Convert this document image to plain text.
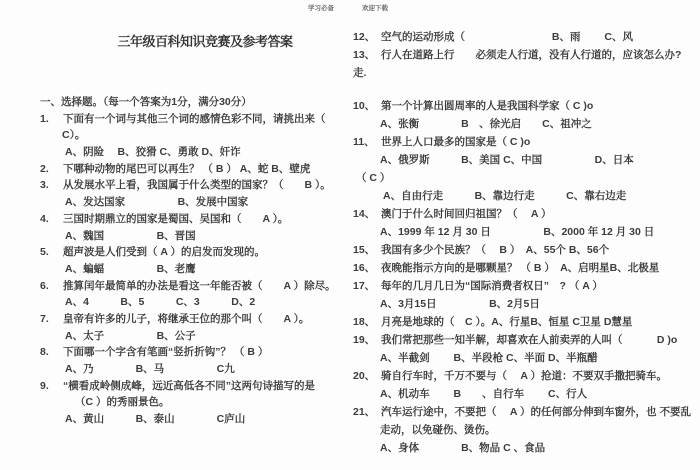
学习必备	欢迎下载
三年级百科知识竞赛及参考答案
一、选择题。（每一个答案为1分，满分30分）
1.	下面有一个词与其他三个词的感情色彩不同，请挑出来（
C）。
A、阴险　 B、狡猾 C、勇敢 D、奸诈
2.	下哪种动物的尾巴可以再生？ （ B ） A、蛇 B、壁虎
3.	从发展水平上看，我国属于什么类型的国家？（　　B ）。
A、发达国家　　　　　B、发展中国家
4.	三国时期鼎立的国家是蜀国、吴国和（　　A ）。
A、魏国　　　　　B、晋国
5.	超声波是人们受到（ A ）的启发而发现的。
A、蝙蝠　　　　　B、老鹰
6.	推算闰年最简单的办法是看这一年能否被（　　A ）除尽。
A、4　　　B、5　　　C、3　　　D、2
7.	皇帝有许多的儿子，将继承王位的那个叫（　　A ）。
A、太子　　　　　B、公子
8.	下面哪一个字含有笔画“竖折折钩”？ （ B ）
A、乃　　　　B、马　　　　　C九
9.	“横看成岭侧成峰，远近高低各不同”这两句诗描写的是
（C ）的秀丽景色。
A、黄山　　　B、泰山　　　　C庐山
12、 空气的运动形成（　　　　　　　　 B、雨　　 C、风
13、 行人在道路上行　　必须走人行道，没有人行道的，应该怎么办?
走.
10、 第一个计算出圆周率的人是我国科学家（ C )o
A、张衡　　　　B　、徐光启　　C、祖冲之
11、 世界上人口最多的国家是（ C )o
A、俄罗斯　　　B、美国 C、中国　　　　　D、日本
（ C ）
A、自由行走　　　B、靠边行走　　　C、靠右边走
14、 澳门于什么时间回归祖国？（　 A ）
A、1999 年 12 月 30 日　　　　　B、2000 年 12 月 30 日
15、 我国有多少个民族？（　 B ）　A、55个 B、56个
16、 夜晚能指示方向的是哪颗星？ （ B ）　A、启明星B、北极星
17、 每年的几月几日为“国际消费者权日”　? （ A ）
A、3月15日　　　　　B、2月5日
18、 月亮是地球的（　C ）。A、行星B、恒星 C卫星 D慧星
19、 我们常把那些一知半解，却喜欢在人前卖弄的人叫（　　　 D )o
A、半截剑　　 B、半段枪 C、半面 D、半瓶醋
20、 骑自行车时，千万不要与（　 A ）抢道：不要双手撒把骑车。
A、机动车　　 B　　、自行车　　 C、行人
21、 汽车运行途中，不要把（　 A ）的任何部分伸到车窗外，也 不要乱
走动，以免碰伤、烫伤。
A、身体　　　　B、物品 C 、食品
